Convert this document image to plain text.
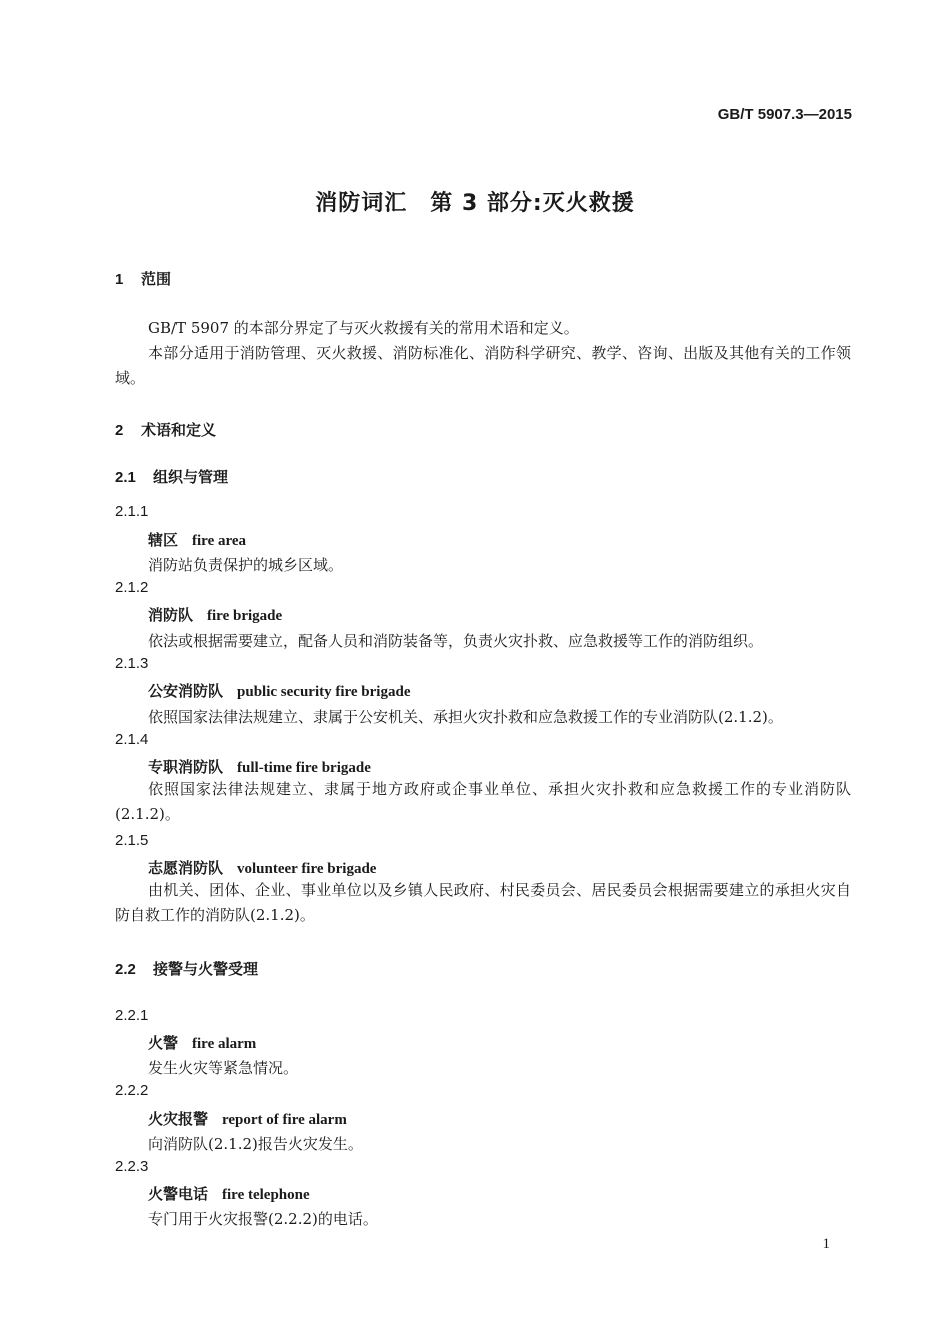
GB/T 5907.3—2015
消防词汇　第 3 部分:灭火救援
1 范围
GB/T 5907 的本部分界定了与灭火救援有关的常用术语和定义。
本部分适用于消防管理、灭火救援、消防标准化、消防科学研究、教学、咨询、出版及其他有关的工作领域。
2 术语和定义
2.1 组织与管理
2.1.1
辖区 fire area
消防站负责保护的城乡区域。
2.1.2
消防队 fire brigade
依法或根据需要建立，配备人员和消防装备等，负责火灾扑救、应急救援等工作的消防组织。
2.1.3
公安消防队 public security fire brigade
依照国家法律法规建立、隶属于公安机关、承担火灾扑救和应急救援工作的专业消防队(2.1.2)。
2.1.4
专职消防队 full-time fire brigade
依照国家法律法规建立、隶属于地方政府或企事业单位、承担火灾扑救和应急救援工作的专业消防队(2.1.2)。
2.1.5
志愿消防队 volunteer fire brigade
由机关、团体、企业、事业单位以及乡镇人民政府、村民委员会、居民委员会根据需要建立的承担火灾自防自救工作的消防队(2.1.2)。
2.2 接警与火警受理
2.2.1
火警 fire alarm
发生火灾等紧急情况。
2.2.2
火灾报警 report of fire alarm
向消防队(2.1.2)报告火灾发生。
2.2.3
火警电话 fire telephone
专门用于火灾报警(2.2.2)的电话。
1
